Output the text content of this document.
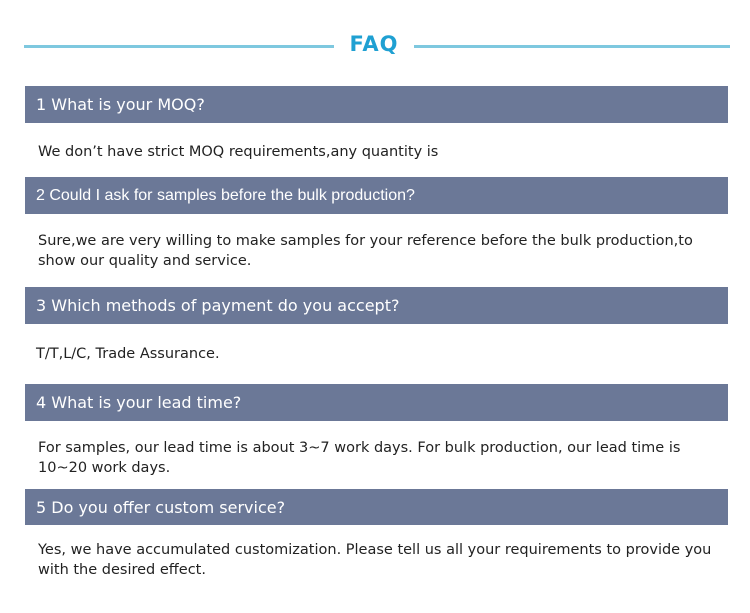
FAQ
1 What is your MOQ?
We don’t have strict MOQ requirements,any quantity is
2 Could I ask for samples before the bulk production?
Sure,we are very willing to make samples for your reference before the bulk production,to show our quality and service.
3 Which methods of payment do you accept?
T/T,L/C, Trade Assurance.
4 What is your lead time?
For samples, our lead time is about 3~7 work days. For bulk production, our lead time is 10~20 work days.
5 Do you offer custom service?
Yes, we have accumulated customization. Please tell us all your requirements to provide you with the desired effect.
